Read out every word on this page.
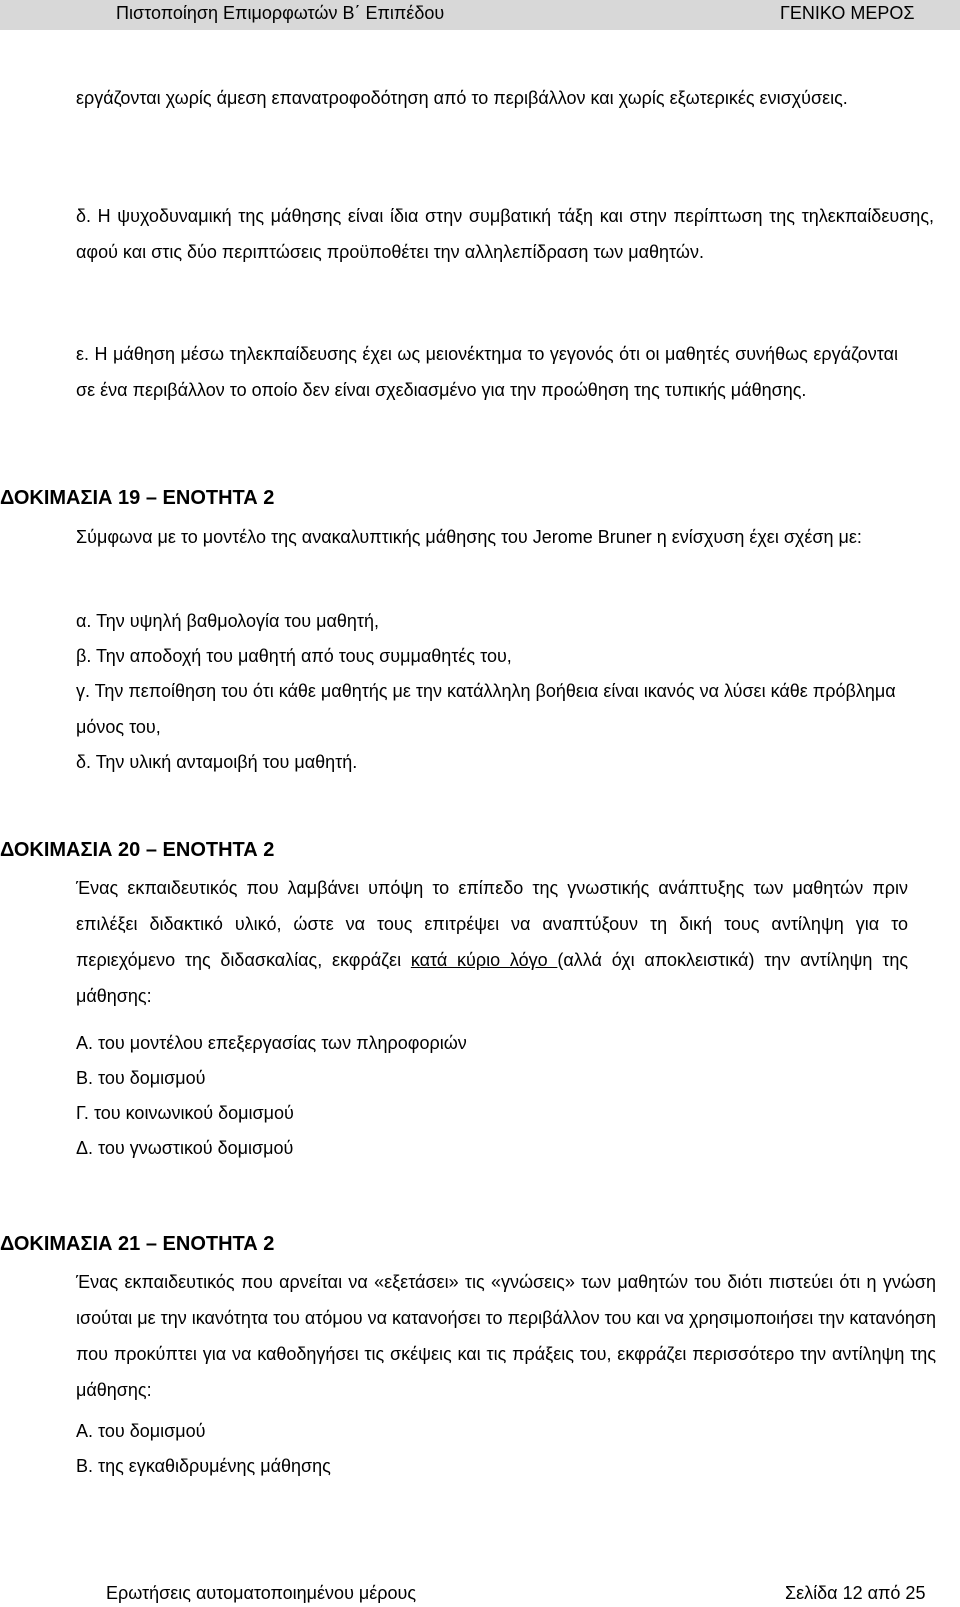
Πιστοποίηση Επιμορφωτών Β΄ Επιπέδου	ΓΕΝΙΚΟ ΜΕΡΟΣ
εργάζονται χωρίς άμεση επανατροφοδότηση από το περιβάλλον και χωρίς εξωτερικές ενισχύσεις.
δ. Η ψυχοδυναμική της μάθησης είναι ίδια στην συμβατική τάξη και στην περίπτωση της τηλεκπαίδευσης, αφού και στις δύο περιπτώσεις προϋποθέτει την αλληλεπίδραση των μαθητών.
ε. Η μάθηση μέσω τηλεκπαίδευσης έχει ως μειονέκτημα το γεγονός ότι οι μαθητές συνήθως εργάζονται σε ένα περιβάλλον το οποίο δεν είναι σχεδιασμένο για την προώθηση της τυπικής μάθησης.
ΔΟΚΙΜΑΣΙΑ 19 – ΕΝΟΤΗΤΑ 2
Σύμφωνα με το μοντέλο της ανακαλυπτικής μάθησης του Jerome Bruner η ενίσχυση έχει σχέση με:
α. Την υψηλή βαθμολογία του μαθητή,
β. Την αποδοχή του μαθητή από τους συμμαθητές του,
γ. Την πεποίθηση του ότι κάθε μαθητής με την κατάλληλη βοήθεια είναι ικανός να λύσει κάθε πρόβλημα μόνος του,
δ. Την υλική ανταμοιβή του μαθητή.
ΔΟΚΙΜΑΣΙΑ 20 – ΕΝΟΤΗΤΑ 2
Ένας εκπαιδευτικός που λαμβάνει υπόψη το επίπεδο της γνωστικής ανάπτυξης των μαθητών πριν επιλέξει διδακτικό υλικό, ώστε να τους επιτρέψει να αναπτύξουν τη δική τους αντίληψη για το περιεχόμενο της διδασκαλίας, εκφράζει κατά κύριο λόγο (αλλά όχι αποκλειστικά) την αντίληψη της μάθησης:
Α. του μοντέλου επεξεργασίας των πληροφοριών
Β. του δομισμού
Γ. του κοινωνικού δομισμού
Δ. του γνωστικού δομισμού
ΔΟΚΙΜΑΣΙΑ 21 – ΕΝΟΤΗΤΑ 2
Ένας εκπαιδευτικός που αρνείται να «εξετάσει» τις «γνώσεις» των μαθητών του διότι πιστεύει ότι η γνώση ισούται με την ικανότητα του ατόμου να κατανοήσει το περιβάλλον του και να χρησιμοποιήσει την κατανόηση που προκύπτει για να καθοδηγήσει τις σκέψεις και τις πράξεις του, εκφράζει περισσότερο την αντίληψη της μάθησης:
Α. του δομισμού
Β. της εγκαθιδρυμένης μάθησης
Ερωτήσεις αυτοματοποιημένου μέρους	Σελίδα 12 από 25
